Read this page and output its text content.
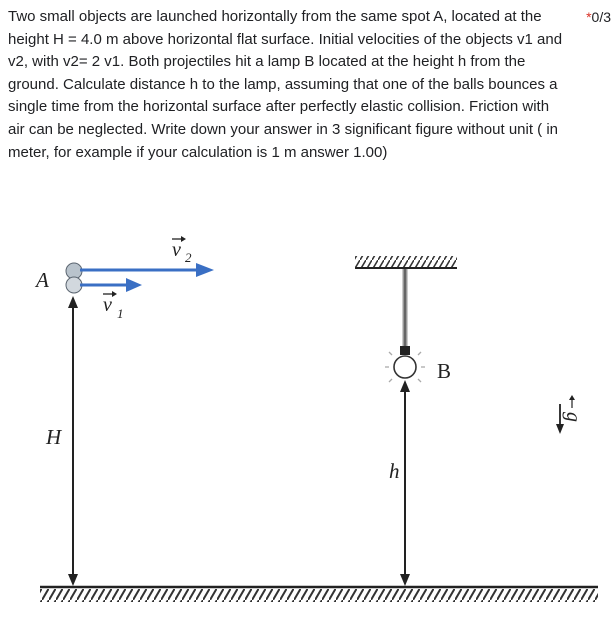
Two small objects are launched horizontally from the same spot A, located at the height H = 4.0 m above horizontal flat surface. Initial velocities of the objects v1 and v2, with v2= 2 v1. Both projectiles hit a lamp B located at the height h from the ground. Calculate distance h to the lamp, assuming that one of the balls bounces a single time from the horizontal surface after perfectly elastic collision. Friction with air can be neglected. Write down your answer in 3 significant figure without unit ( in meter, for example if your calculation is 1 m answer 1.00)

*0/3
B
h
H
A
v 2
v 1
g
